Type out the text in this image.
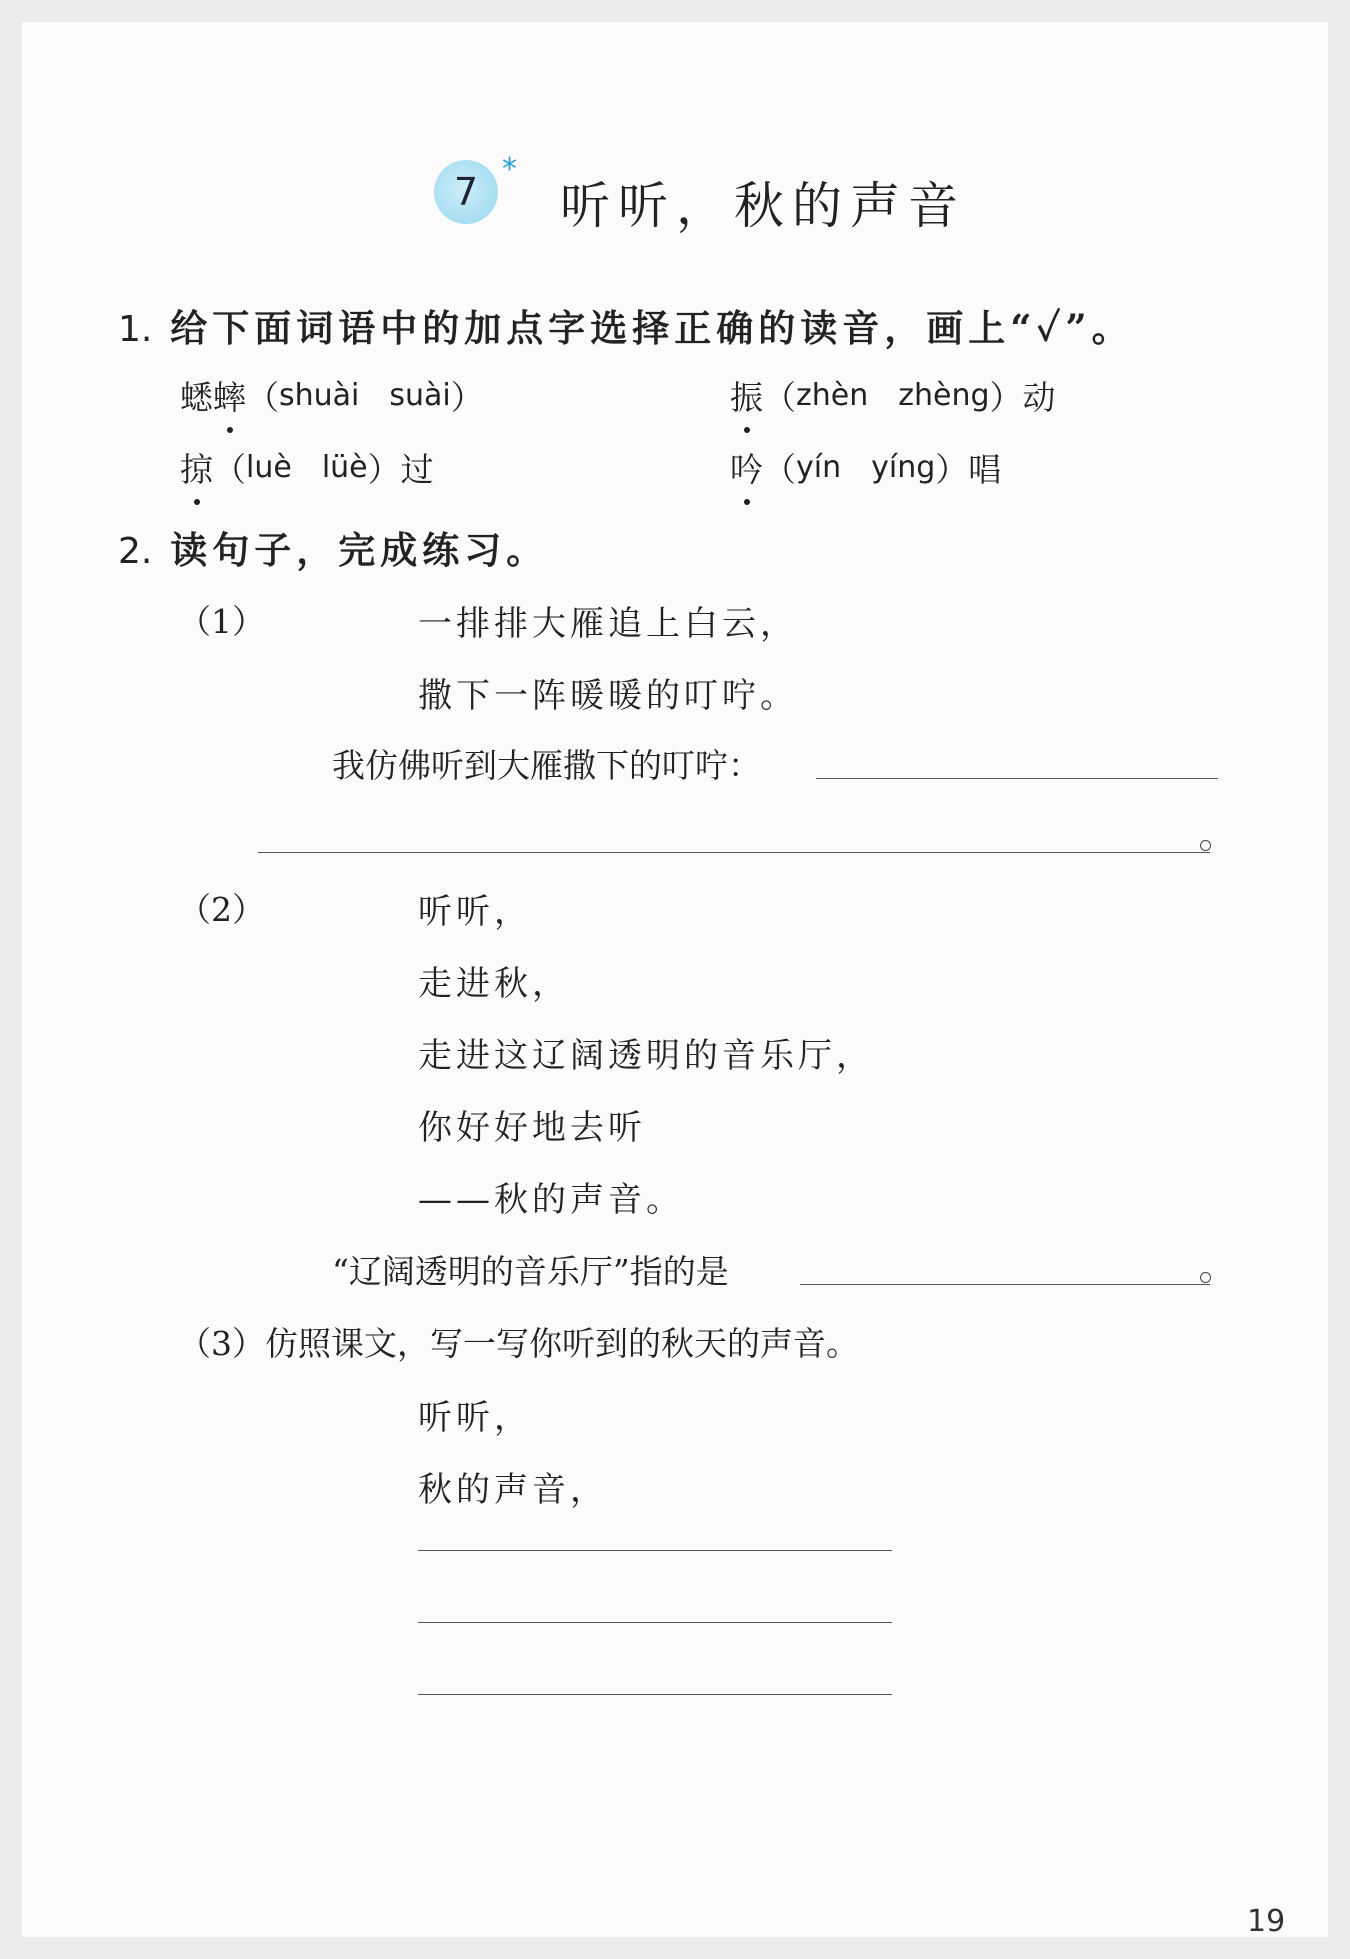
7
*
听听，秋的声音
1. 给下面词语中的加点字选择正确的读音，画上“✓”。
蟋 蟀 （ shuài suài ）	振 （ zhèn zhèng ） 动
掠 （ luè lüè ） 过	吟 （ yín yíng ） 唱
2. 读句子，完成练习。
（1）	一排排大雁追上白云，
撒下一阵暖暖的叮咛。
我仿佛听到大雁撒下的叮咛：
（2）	听听，
走进秋，
走进这辽阔透明的音乐厅，
你好好地去听
——秋的声音。
“辽阔透明的音乐厅”指的是
（3）仿照课文，写一写你听到的秋天的声音。
听听，
秋的声音，
19
